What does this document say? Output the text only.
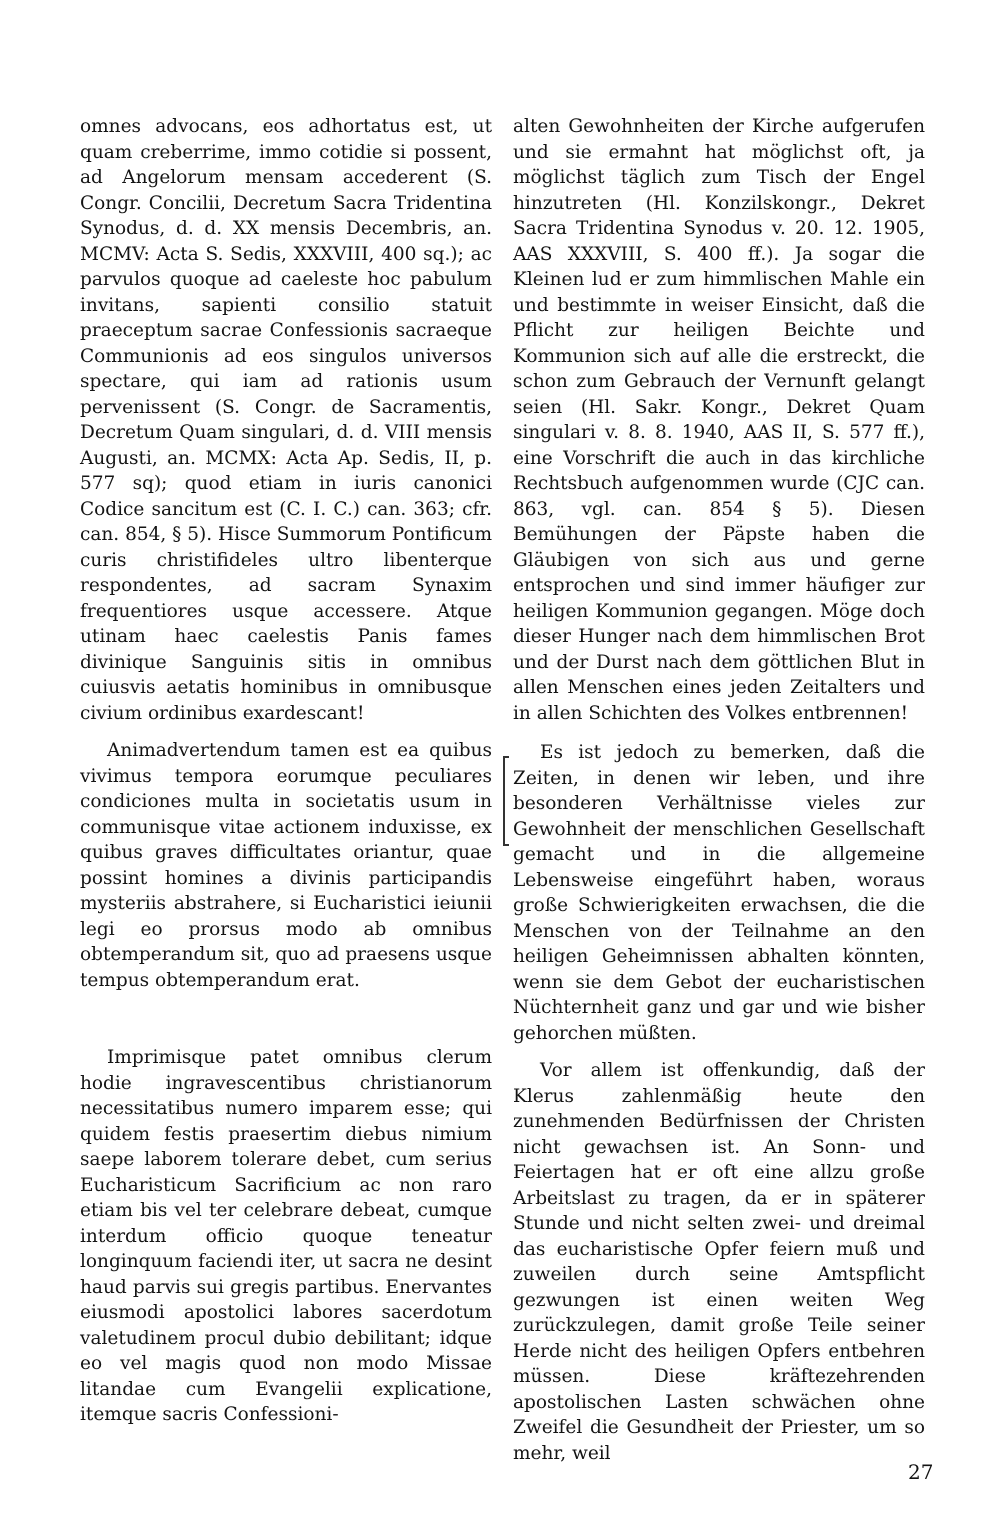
omnes advocans, eos adhortatus est, ut quam creberrime, immo cotidie si possent, ad Angelorum mensam accederent (S. Congr. Concilii, Decretum Sacra Tridentina Synodus, d. d. XX mensis Decembris, an. MCMV: Acta S. Sedis, XXXVIII, 400 sq.); ac parvulos quoque ad caeleste hoc pabulum invitans, sapienti consilio statuit praeceptum sacrae Confessionis sacraeque Communionis ad eos singulos universos spectare, qui iam ad rationis usum pervenissent (S. Congr. de Sacramentis, Decretum Quam singulari, d. d. VIII mensis Augusti, an. MCMX: Acta Ap. Sedis, II, p. 577 sq); quod etiam in iuris canonici Codice sancitum est (C. I. C.) can. 363; cfr. can. 854, § 5). Hisce Summorum Pontificum curis christifideles ultro libenterque respondentes, ad sacram Synaxim frequentiores usque accessere. Atque utinam haec caelestis Panis fames divinique Sanguinis sitis in omnibus cuiusvis aetatis hominibus in omnibusque civium ordinibus exardescant!

Animadvertendum tamen est ea quibus vivimus tempora eorumque peculiares condiciones multa in societatis usum in communisque vitae actionem induxisse, ex quibus graves difficultates oriantur, quae possint homines a divinis participandis mysteriis abstrahere, si Eucharistici ieiunii legi eo prorsus modo ab omnibus obtemperandum sit, quo ad praesens usque tempus obtemperandum erat.

Imprimisque patet omnibus clerum hodie ingravescentibus christianorum necessitatibus numero imparem esse; qui quidem festis praesertim diebus nimium saepe laborem tolerare debet, cum serius Eucharisticum Sacrificium ac non raro etiam bis vel ter celebrare debeat, cumque interdum officio quoque teneatur longinquum faciendi iter, ut sacra ne desint haud parvis sui gregis partibus. Enervantes eiusmodi apostolici labores sacerdotum valetudinem procul dubio debilitant; idque eo vel magis quod non modo Missae litandae cum Evangelii explicatione, itemque sacris Confessioni-

alten Gewohnheiten der Kirche aufgerufen und sie ermahnt hat möglichst oft, ja möglichst täglich zum Tisch der Engel hinzutreten (Hl. Konzilskongr., Dekret Sacra Tridentina Synodus v. 20. 12. 1905, AAS XXXVIII, S. 400 ff.). Ja sogar die Kleinen lud er zum himmlischen Mahle ein und bestimmte in weiser Einsicht, daß die Pflicht zur heiligen Beichte und Kommunion sich auf alle die erstreckt, die schon zum Gebrauch der Vernunft gelangt seien (Hl. Sakr. Kongr., Dekret Quam singulari v. 8. 8. 1940, AAS II, S. 577 ff.), eine Vorschrift die auch in das kirchliche Rechtsbuch aufgenommen wurde (CJC can. 863, vgl. can. 854 § 5). Diesen Bemühungen der Päpste haben die Gläubigen von sich aus und gerne entsprochen und sind immer häufiger zur heiligen Kommunion gegangen. Möge doch dieser Hunger nach dem himmlischen Brot und der Durst nach dem göttlichen Blut in allen Menschen eines jeden Zeitalters und in allen Schichten des Volkes entbrennen!

Es ist jedoch zu bemerken, daß die Zeiten, in denen wir leben, und ihre besonderen Verhältnisse vieles zur Gewohnheit der menschlichen Gesellschaft gemacht und in die allgemeine Lebensweise eingeführt haben, woraus große Schwierigkeiten erwachsen, die die Menschen von der Teilnahme an den heiligen Geheimnissen abhalten könnten, wenn sie dem Gebot der eucharistischen Nüchternheit ganz und gar und wie bisher gehorchen müßten.

Vor allem ist offenkundig, daß der Klerus zahlenmäßig heute den zunehmenden Bedürfnissen der Christen nicht gewachsen ist. An Sonn- und Feiertagen hat er oft eine allzu große Arbeitslast zu tragen, da er in späterer Stunde und nicht selten zwei- und dreimal das eucharistische Opfer feiern muß und zuweilen durch seine Amtspflicht gezwungen ist einen weiten Weg zurückzulegen, damit große Teile seiner Herde nicht des heiligen Opfers entbehren müssen. Diese kräftezehrenden apostolischen Lasten schwächen ohne Zweifel die Gesundheit der Priester, um so mehr, weil

27
